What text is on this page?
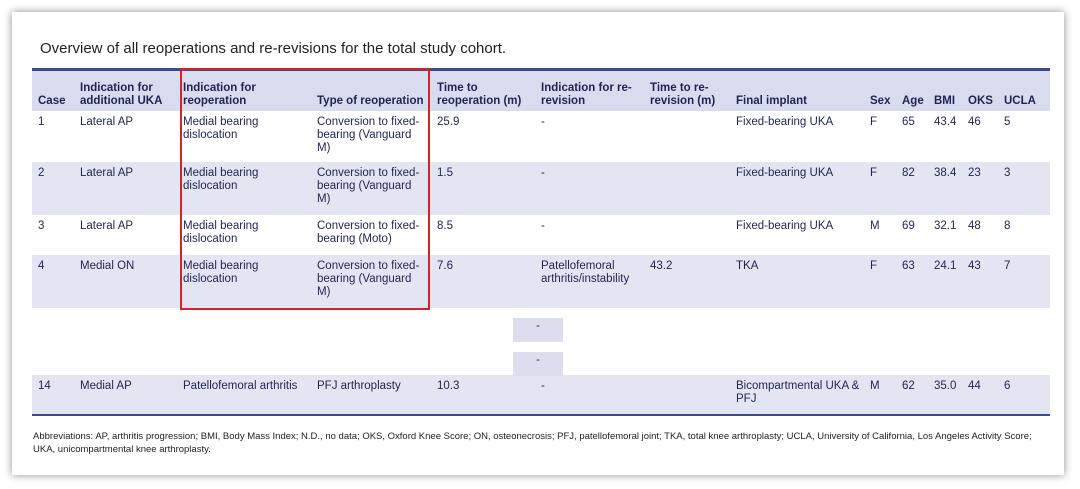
Overview of all reoperations and re-revisions for the total study cohort.
Case	Indication for additional UKA	Indication for reoperation	Type of reoperation	Time to reoperation (m)	Indication for re-revision	Time to re-revision (m)	Final implant	Sex	Age	BMI	OKS	UCLA
1	Lateral AP	Medial bearing dislocation	Conversion to fixed-bearing (Vanguard M)	25.9	-		Fixed-bearing UKA	F	65	43.4	46	5
2	Lateral AP	Medial bearing dislocation	Conversion to fixed-bearing (Vanguard M)	1.5	-		Fixed-bearing UKA	F	82	38.4	23	3
3	Lateral AP	Medial bearing dislocation	Conversion to fixed-bearing (Moto)	8.5	-		Fixed-bearing UKA	M	69	32.1	48	8
4	Medial ON	Medial bearing dislocation	Conversion to fixed-bearing (Vanguard M)	7.6	Patellofemoral arthritis/instability	43.2	TKA	F	63	24.1	43	7

14	Medial AP	Patellofemoral arthritis	PFJ arthroplasty	10.3	-		Bicompartmental UKA & PFJ	M	62	35.0	44	6
-
-
Abbreviations: AP, arthritis progression; BMI, Body Mass Index; N.D., no data; OKS, Oxford Knee Score; ON, osteonecrosis; PFJ, patellofemoral joint; TKA, total knee arthroplasty; UCLA, University of California, Los Angeles Activity Score; UKA, unicompartmental knee arthroplasty.
